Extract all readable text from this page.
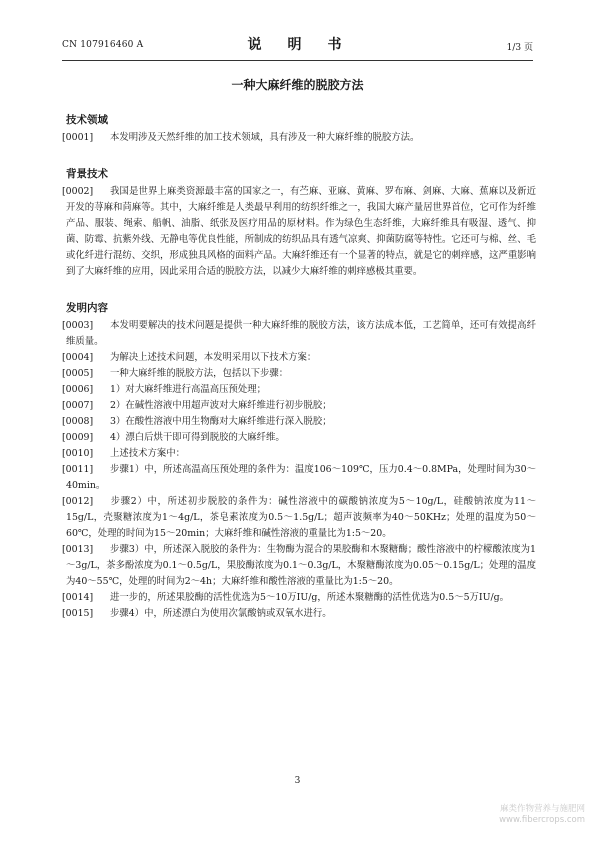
CN 107916460 A	说　明　书	1/3 页
一种大麻纤维的脱胶方法
技术领域

[0001] 本发明涉及天然纤维的加工技术领域，具有涉及一种大麻纤维的脱胶方法。

背景技术

[0002] 我国是世界上麻类资源最丰富的国家之一，有苎麻、亚麻、黄麻、罗布麻、剑麻、大麻、蕉麻以及新近开发的荨麻和苘麻等。其中，大麻纤维是人类最早利用的纺织纤维之一，我国大麻产量居世界首位，它可作为纤维产品、服装、绳索、船帆、油脂、纸张及医疗用品的原材料。作为绿色生态纤维，大麻纤维具有吸湿、透气、抑菌、防霉、抗紫外线、无静电等优良性能，所制成的纺织品具有透气凉爽、抑菌防腐等特性。它还可与棉、丝、毛或化纤进行混纺、交织，形成独具风格的面料产品。大麻纤维还有一个显著的特点，就是它的刺痒感，这严重影响到了大麻纤维的应用，因此采用合适的脱胶方法，以减少大麻纤维的刺痒感极其重要。

发明内容

[0003] 本发明要解决的技术问题是提供一种大麻纤维的脱胶方法，该方法成本低，工艺简单，还可有效提高纤维质量。

[0004] 为解决上述技术问题，本发明采用以下技术方案：

[0005] 一种大麻纤维的脱胶方法，包括以下步骤：

[0006] 1）对大麻纤维进行高温高压预处理；

[0007] 2）在碱性溶液中用超声波对大麻纤维进行初步脱胶；

[0008] 3）在酸性溶液中用生物酶对大麻纤维进行深入脱胶；

[0009] 4）漂白后烘干即可得到脱胶的大麻纤维。

[0010] 上述技术方案中：

[0011] 步骤1）中，所述高温高压预处理的条件为：温度106～109℃，压力0.4～0.8MPa，处理时间为30～40min。

[0012] 步骤2）中，所述初步脱胶的条件为：碱性溶液中的碳酸钠浓度为5～10g/L，硅酸钠浓度为11～15g/L，壳聚糖浓度为1～4g/L，茶皂素浓度为0.5～1.5g/L；超声波频率为40～50KHz；处理的温度为50～60℃，处理的时间为15～20min；大麻纤维和碱性溶液的重量比为1:5～20。

[0013] 步骤3）中，所述深入脱胶的条件为：生物酶为混合的果胶酶和木聚糖酶；酸性溶液中的柠檬酸浓度为1～3g/L，茶多酚浓度为0.1～0.5g/L，果胶酶浓度为0.1～0.3g/L，木聚糖酶浓度为0.05～0.15g/L；处理的温度为40～55℃，处理的时间为2～4h；大麻纤维和酸性溶液的重量比为1:5～20。

[0014] 进一步的，所述果胶酶的活性优选为5～10万IU/g，所述木聚糖酶的活性优选为0.5～5万IU/g。

[0015] 步骤4）中，所述漂白为使用次氯酸钠或双氧水进行。

3
麻类作物营养与施肥网
www.fibercrops.com
